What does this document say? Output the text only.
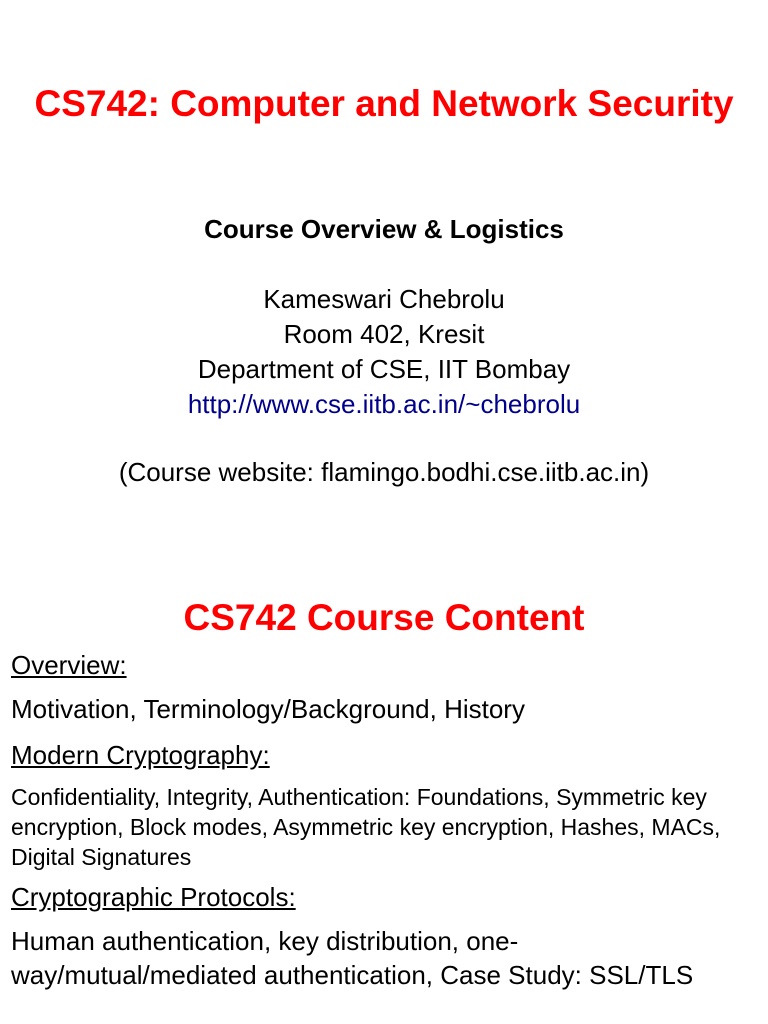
CS742: Computer and Network Security
Course Overview & Logistics
Kameswari Chebrolu
Room 402, Kresit
Department of CSE, IIT Bombay
http://www.cse.iitb.ac.in/~chebrolu
(Course website: flamingo.bodhi.cse.iitb.ac.in)
CS742 Course Content

Overview:

Motivation, Terminology/Background, History

Modern Cryptography:

Confidentiality, Integrity, Authentication: Foundations, Symmetric key encryption, Block modes, Asymmetric key encryption, Hashes, MACs, Digital Signatures

Cryptographic Protocols:

Human authentication, key distribution, one-way/mutual/mediated authentication, Case Study: SSL/TLS
